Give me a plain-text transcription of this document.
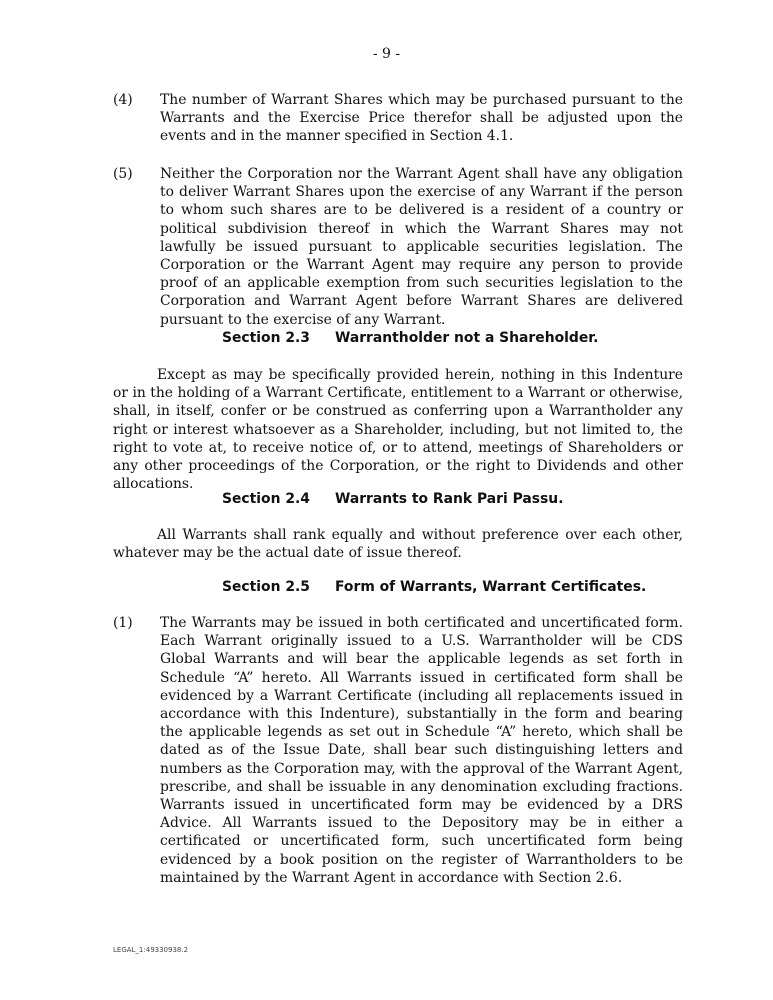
- 9 -
(4) The number of Warrant Shares which may be purchased pursuant to the Warrants and the Exercise Price therefor shall be adjusted upon the events and in the manner specified in Section 4.1.
(5) Neither the Corporation nor the Warrant Agent shall have any obligation to deliver Warrant Shares upon the exercise of any Warrant if the person to whom such shares are to be delivered is a resident of a country or political subdivision thereof in which the Warrant Shares may not lawfully be issued pursuant to applicable securities legislation. The Corporation or the Warrant Agent may require any person to provide proof of an applicable exemption from such securities legislation to the Corporation and Warrant Agent before Warrant Shares are delivered pursuant to the exercise of any Warrant.
Section 2.3 Warrantholder not a Shareholder.
Except as may be specifically provided herein, nothing in this Indenture or in the holding of a Warrant Certificate, entitlement to a Warrant or otherwise, shall, in itself, confer or be construed as conferring upon a Warrantholder any right or interest whatsoever as a Shareholder, including, but not limited to, the right to vote at, to receive notice of, or to attend, meetings of Shareholders or any other proceedings of the Corporation, or the right to Dividends and other allocations.
Section 2.4 Warrants to Rank Pari Passu.
All Warrants shall rank equally and without preference over each other, whatever may be the actual date of issue thereof.
Section 2.5 Form of Warrants, Warrant Certificates.
(1) The Warrants may be issued in both certificated and uncertificated form. Each Warrant originally issued to a U.S. Warrantholder will be CDS Global Warrants and will bear the applicable legends as set forth in Schedule “A” hereto. All Warrants issued in certificated form shall be evidenced by a Warrant Certificate (including all replacements issued in accordance with this Indenture), substantially in the form and bearing the applicable legends as set out in Schedule “A” hereto, which shall be dated as of the Issue Date, shall bear such distinguishing letters and numbers as the Corporation may, with the approval of the Warrant Agent, prescribe, and shall be issuable in any denomination excluding fractions. Warrants issued in uncertificated form may be evidenced by a DRS Advice. All Warrants issued to the Depository may be in either a certificated or uncertificated form, such uncertificated form being evidenced by a book position on the register of Warrantholders to be maintained by the Warrant Agent in accordance with Section 2.6.
LEGAL_1:49330938.2
